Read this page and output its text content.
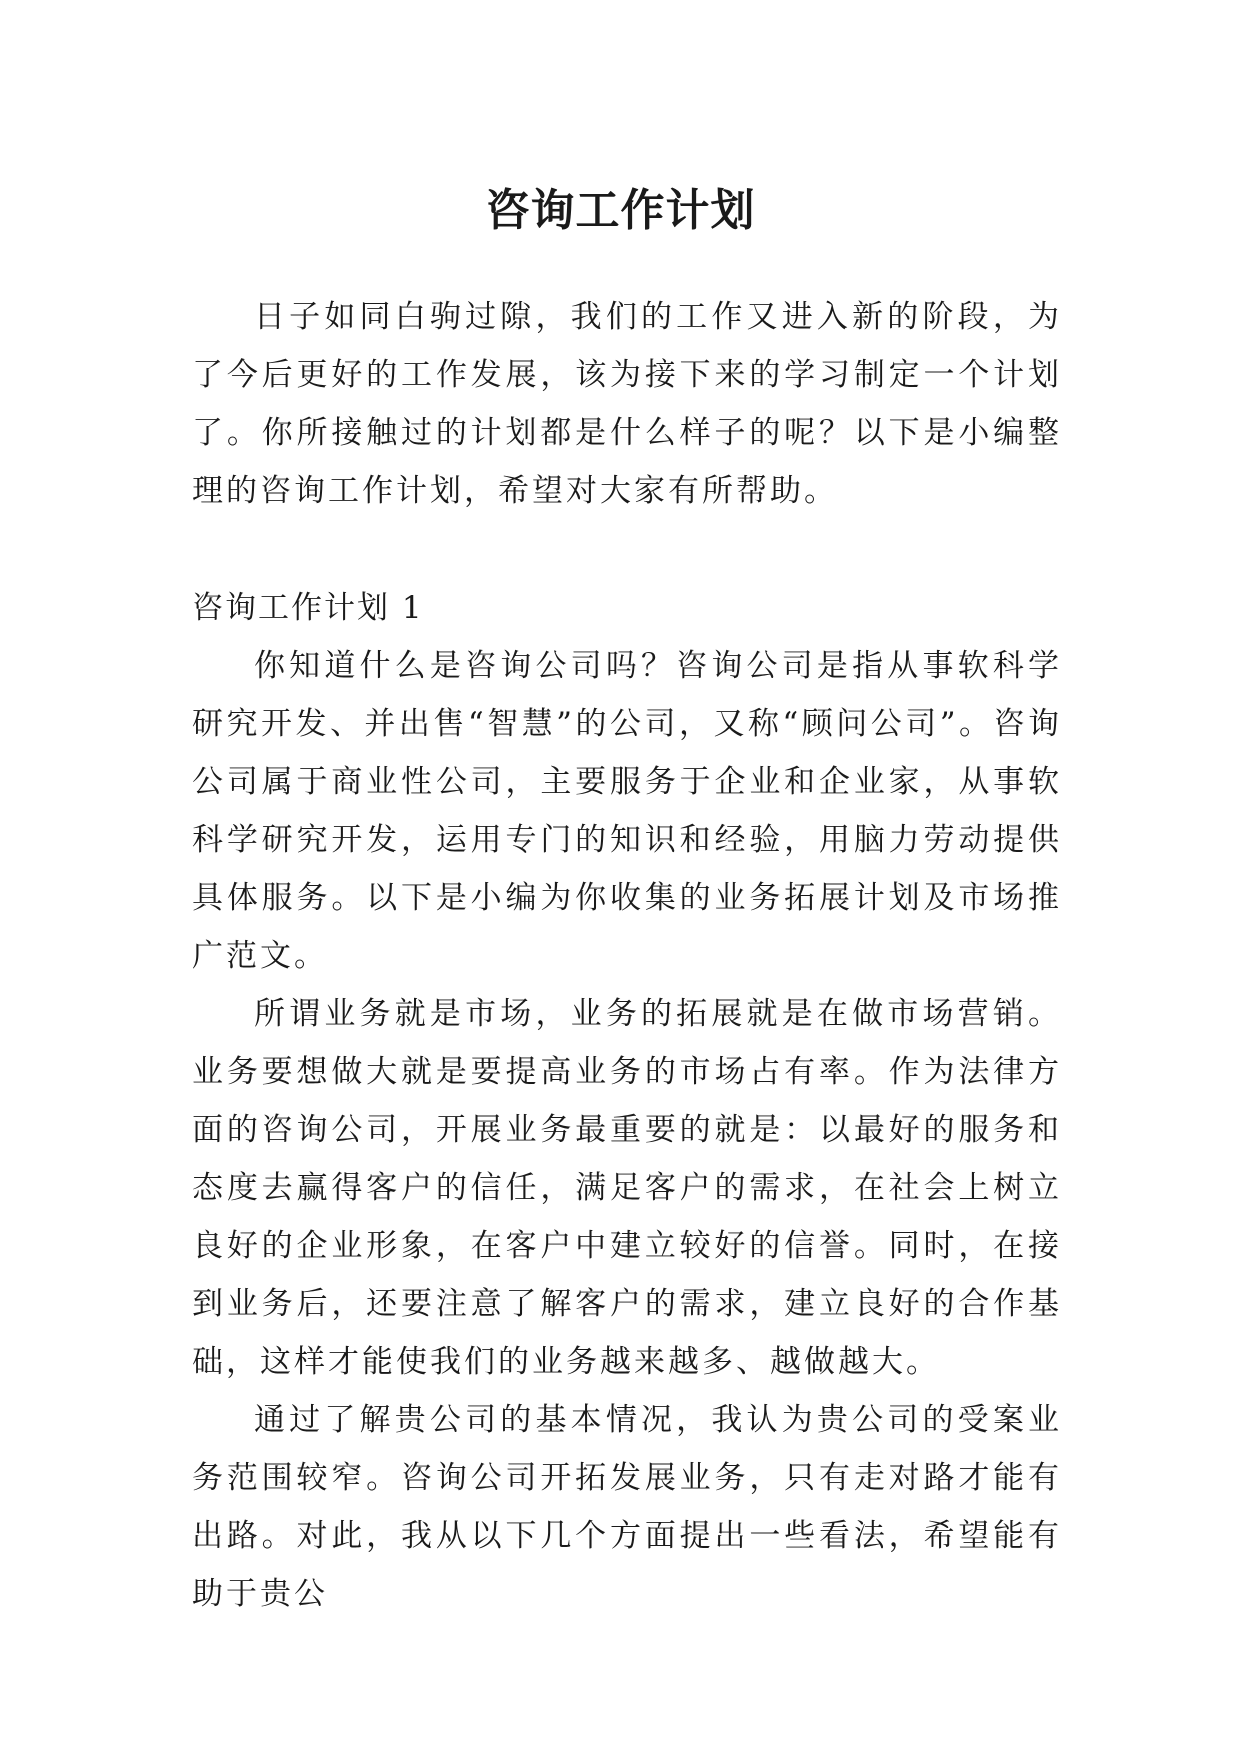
咨询工作计划

日子如同白驹过隙，我们的工作又进入新的阶段，为了今后更好的工作发展，该为接下来的学习制定一个计划了。你所接触过的计划都是什么样子的呢？以下是小编整理的咨询工作计划，希望对大家有所帮助。

咨询工作计划 1

你知道什么是咨询公司吗？咨询公司是指从事软科学研究开发、并出售“智慧”的公司，又称“顾问公司”。咨询公司属于商业性公司，主要服务于企业和企业家，从事软科学研究开发，运用专门的知识和经验，用脑力劳动提供具体服务。以下是小编为你收集的业务拓展计划及市场推广范文。

所谓业务就是市场，业务的拓展就是在做市场营销。业务要想做大就是要提高业务的市场占有率。作为法律方面的咨询公司，开展业务最重要的就是：以最好的服务和态度去赢得客户的信任，满足客户的需求，在社会上树立良好的企业形象，在客户中建立较好的信誉。同时，在接到业务后，还要注意了解客户的需求，建立良好的合作基础，这样才能使我们的业务越来越多、越做越大。

通过了解贵公司的基本情况，我认为贵公司的受案业务范围较窄。咨询公司开拓发展业务，只有走对路才能有出路。对此，我从以下几个方面提出一些看法，希望能有助于贵公
